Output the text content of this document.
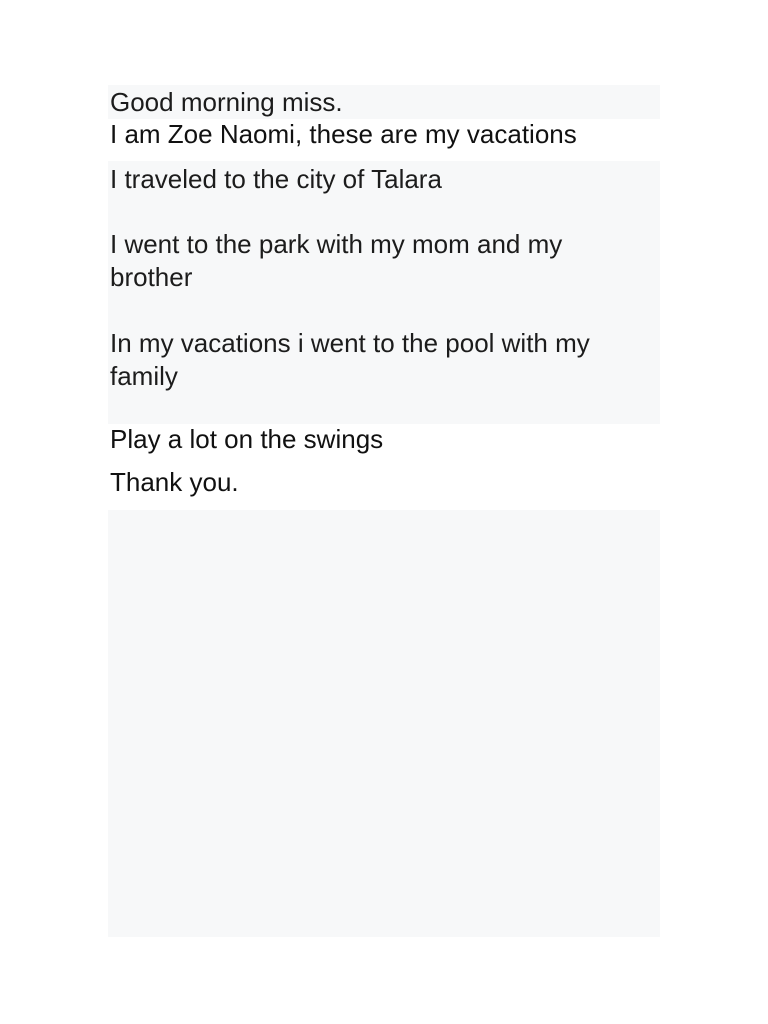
Good morning miss.

I am Zoe Naomi, these are my vacations

I traveled to the city of Talara

I went to the park with my mom and my brother

In my vacations i went to the pool with my family

Play a lot on the swings

Thank you.
